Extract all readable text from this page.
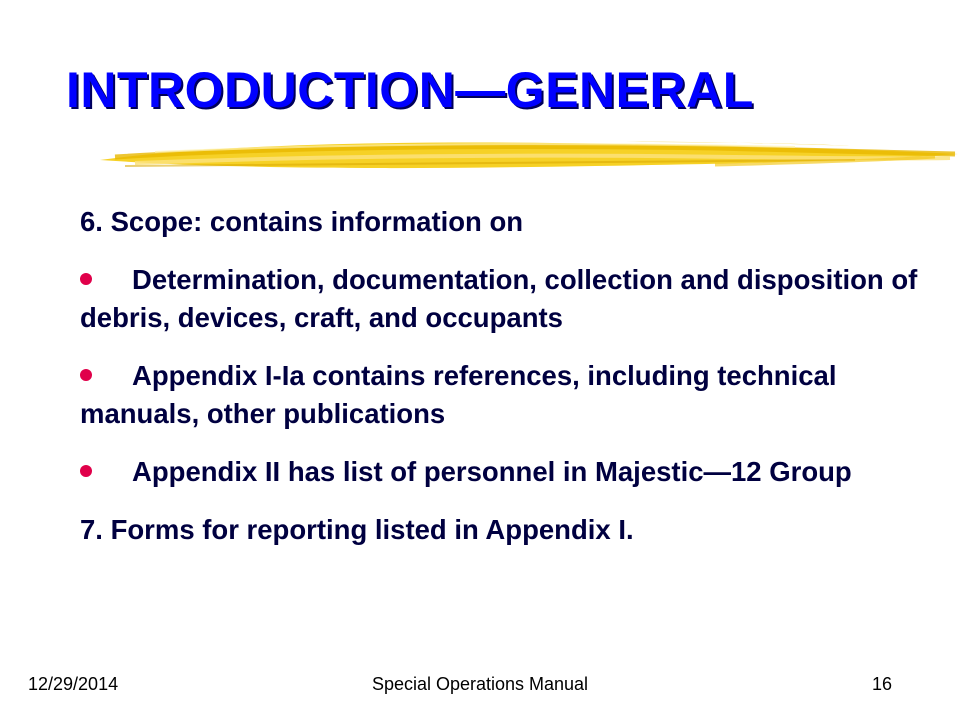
INTRODUCTION—GENERAL

6. Scope: contains information on

Determination, documentation, collection and disposition of debris, devices, craft, and occupants

Appendix I-Ia contains references, including technical manuals, other publications

Appendix II has list of personnel in Majestic—12 Group

7. Forms for reporting listed in Appendix I.

12/29/2014	Special Operations Manual	16
